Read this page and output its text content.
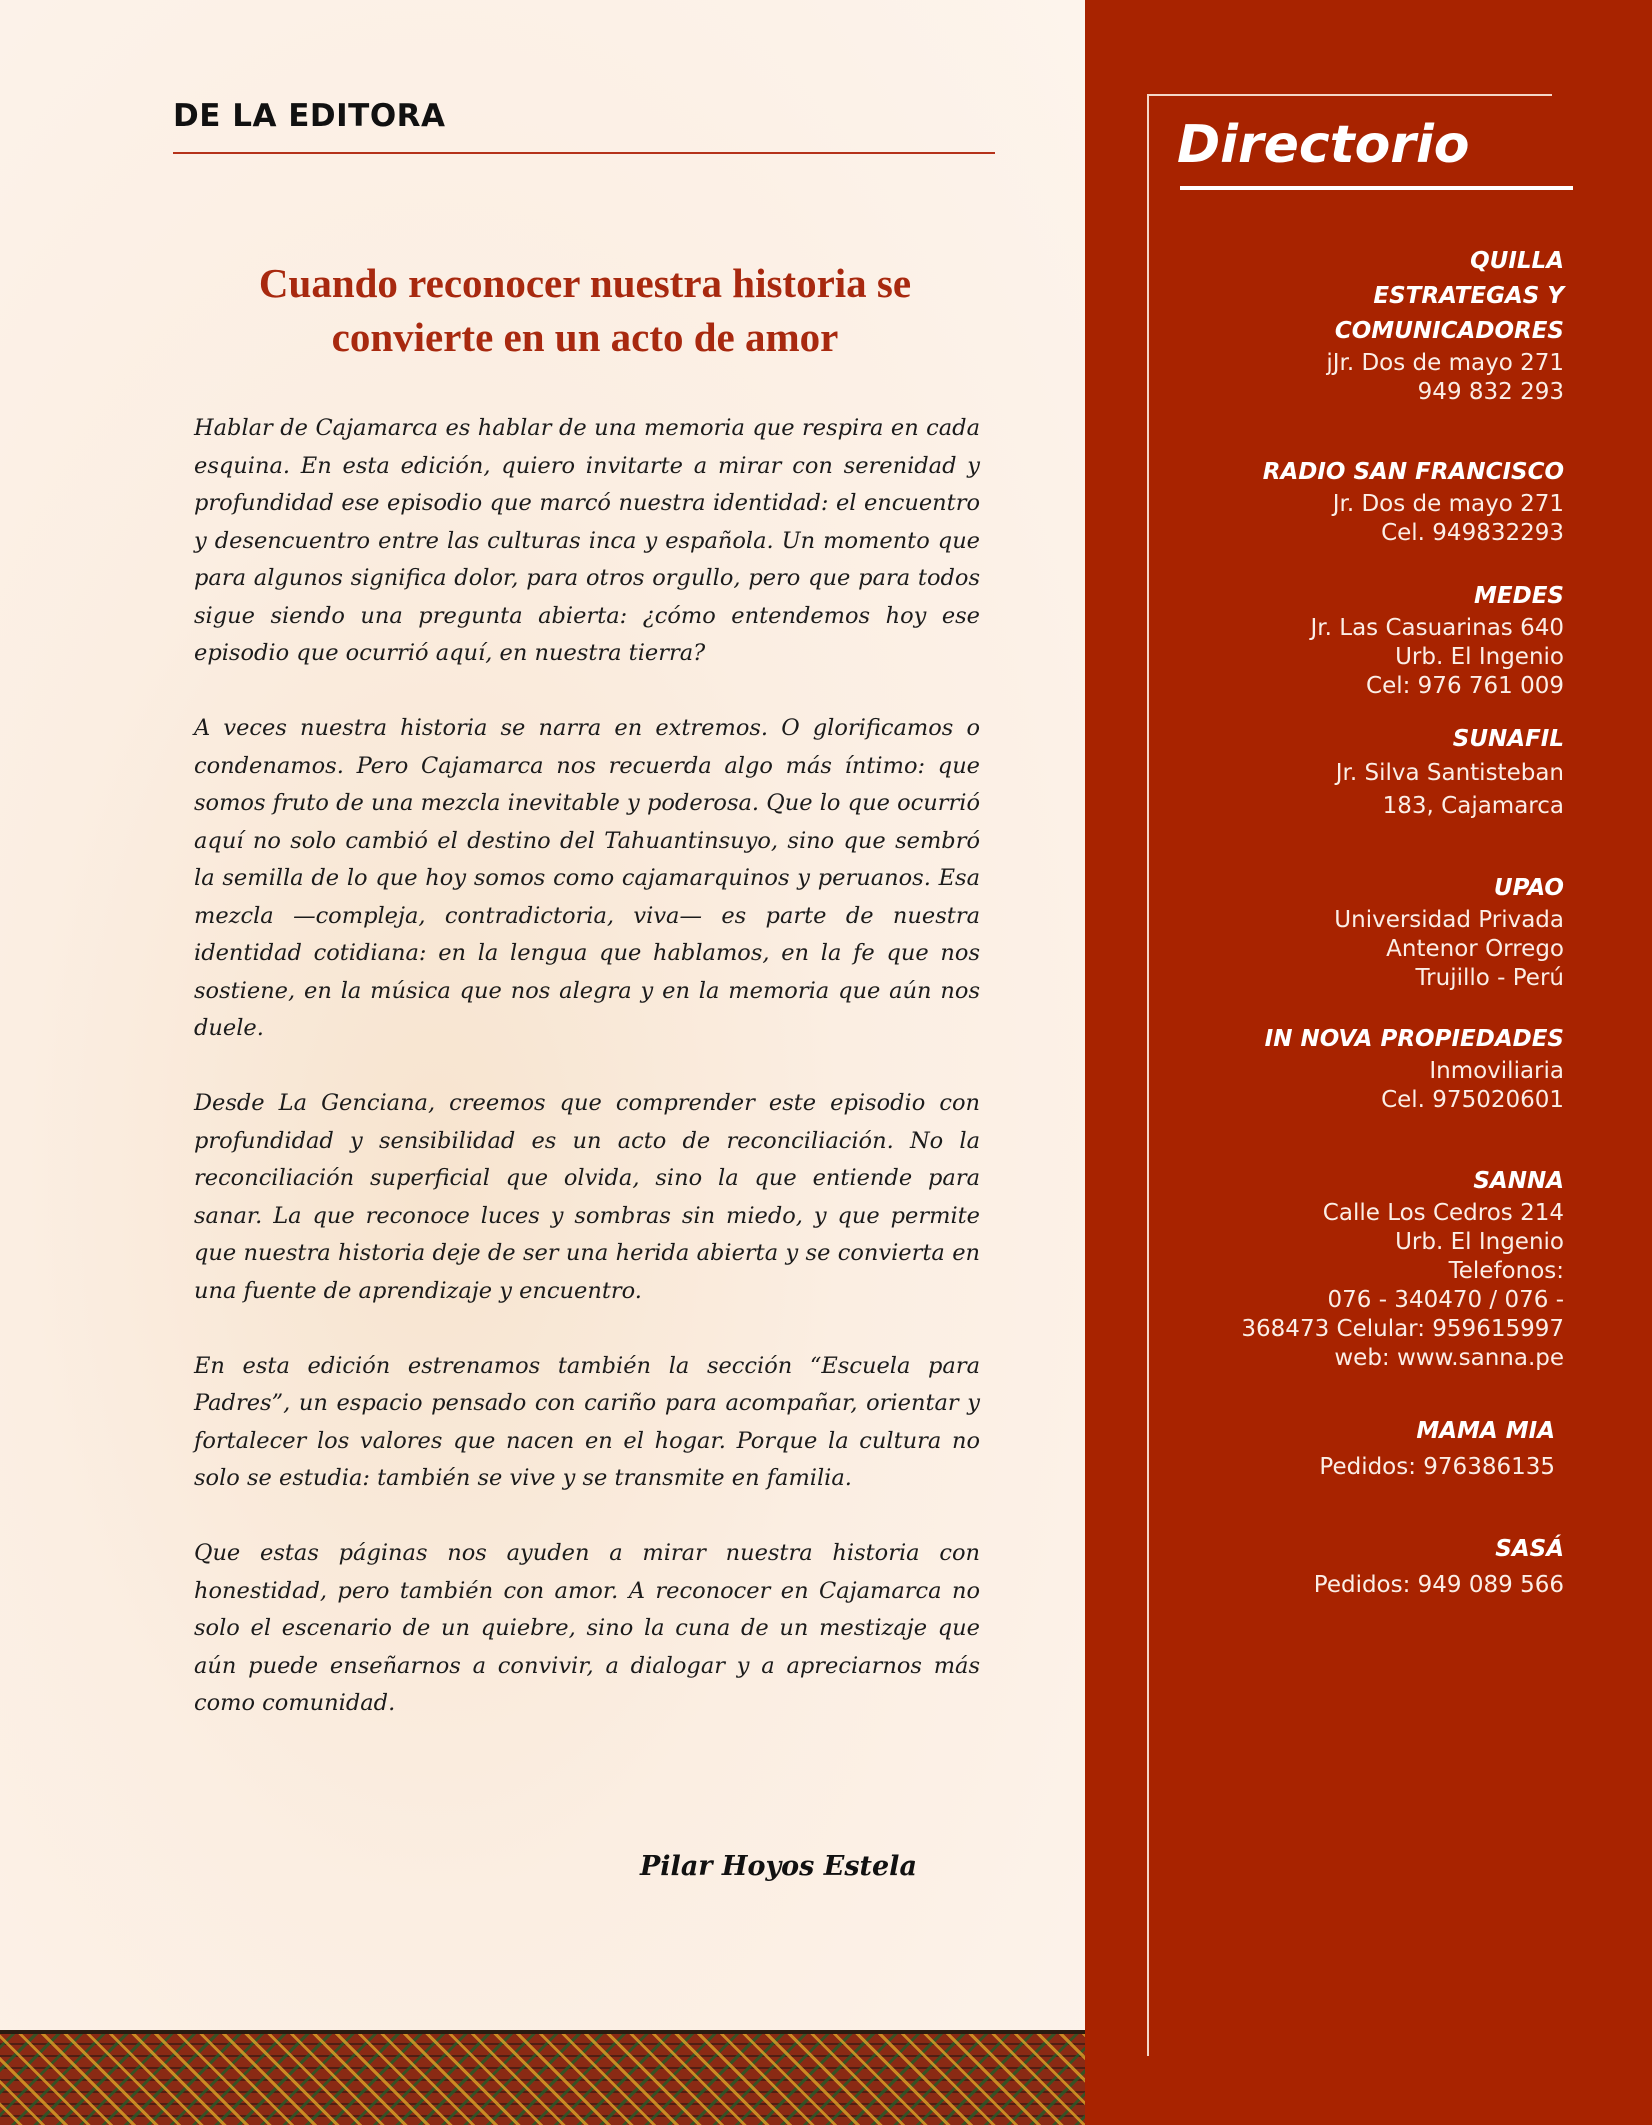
DE LA EDITORA
Cuando reconocer nuestra historia se
convierte en un acto de amor

Hablar de Cajamarca es hablar de una memoria que respira en cada esquina. En esta edición, quiero invitarte a mirar con serenidad y profundidad ese episodio que marcó nuestra identidad: el encuentro y desencuentro entre las culturas inca y española. Un momento que para algunos significa dolor, para otros orgullo, pero que para todos sigue siendo una pregunta abierta: ¿cómo entendemos hoy ese episodio que ocurrió aquí, en nuestra tierra?

A veces nuestra historia se narra en extremos. O glorificamos o condenamos. Pero Cajamarca nos recuerda algo más íntimo: que somos fruto de una mezcla inevitable y poderosa. Que lo que ocurrió aquí no solo cambió el destino del Tahuantinsuyo, sino que sembró la semilla de lo que hoy somos como cajamarquinos y peruanos. Esa mezcla —compleja, contradictoria, viva— es parte de nuestra identidad cotidiana: en la lengua que hablamos, en la fe que nos sostiene, en la música que nos alegra y en la memoria que aún nos duele.

Desde La Genciana, creemos que comprender este episodio con profundidad y sensibilidad es un acto de reconciliación. No la reconciliación superficial que olvida, sino la que entiende para sanar. La que reconoce luces y sombras sin miedo, y que permite que nuestra historia deje de ser una herida abierta y se convierta en una fuente de aprendizaje y encuentro.

En esta edición estrenamos también la sección “Escuela para Padres”, un espacio pensado con cariño para acompañar, orientar y fortalecer los valores que nacen en el hogar. Porque la cultura no solo se estudia: también se vive y se transmite en familia.

Que estas páginas nos ayuden a mirar nuestra historia con honestidad, pero también con amor. A reconocer en Cajamarca no solo el escenario de un quiebre, sino la cuna de un mestizaje que aún puede enseñarnos a convivir, a dialogar y a apreciarnos más como comunidad.

Pilar Hoyos Estela
Directorio
QUILLA
ESTRATEGAS Y
COMUNICADORES
jJr. Dos de mayo 271
949 832 293
RADIO SAN FRANCISCO
Jr. Dos de mayo 271
Cel. 949832293
MEDES
Jr. Las Casuarinas 640
Urb. El Ingenio
Cel: 976 761 009
SUNAFIL
Jr. Silva Santisteban
183, Cajamarca
UPAO
Universidad Privada
Antenor Orrego
Trujillo - Perú
IN NOVA PROPIEDADES
Inmoviliaria
Cel. 975020601
SANNA
Calle Los Cedros 214
Urb. El Ingenio
Telefonos:
076 - 340470 / 076 -
368473 Celular: 959615997
web: www.sanna.pe
MAMA MIA
Pedidos: 976386135
SASÁ
Pedidos: 949 089 566
